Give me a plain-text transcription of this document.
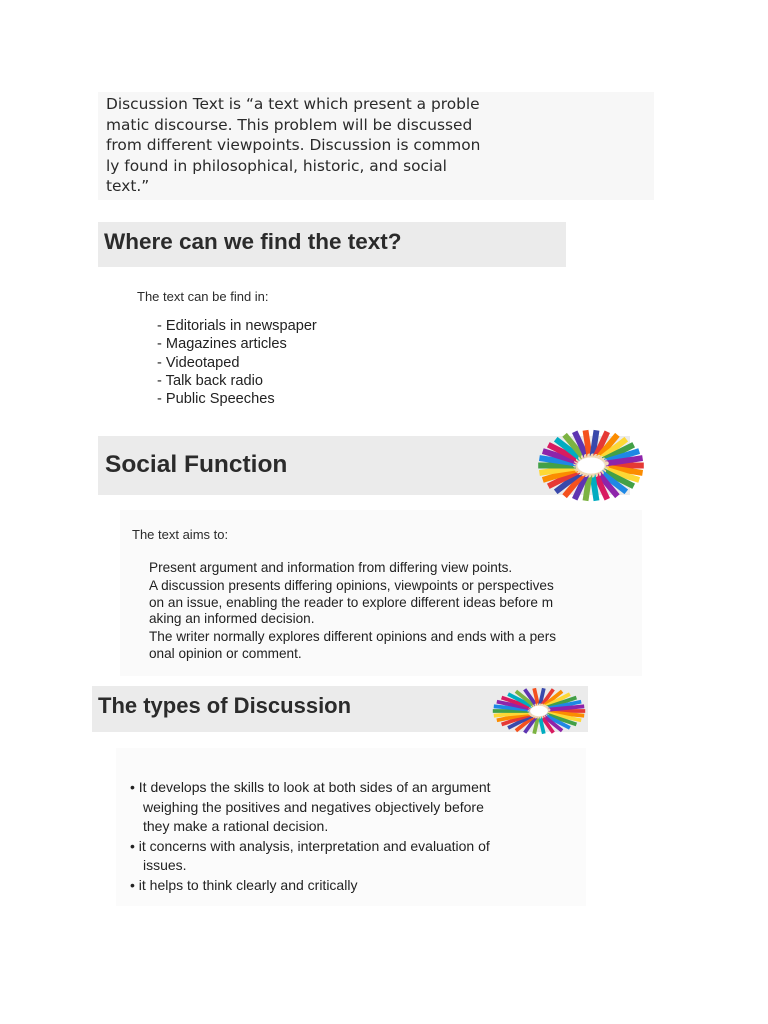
Discussion Text is “a text which present a proble
matic discourse. This problem will be discussed
from different viewpoints. Discussion is common
ly found in philosophical, historic, and social
text.”

Where can we find the text?

The text can be find in:

- Editorials in newspaper
- Magazines articles
- Videotaped
- Talk back radio
- Public Speeches
Social Function

The text aims to:

Present argument and information from differing view points.
A discussion presents differing opinions, viewpoints or perspectives
on an issue, enabling the reader to explore different ideas before m
aking an informed decision.
The writer normally explores different opinions and ends with a pers
onal opinion or comment.
The types of Discussion
• It develops the skills to look at both sides of an argument
weighing the positives and negatives objectively before
they make a rational decision.
• it concerns with analysis, interpretation and evaluation of
issues.
• it helps to think clearly and critically
